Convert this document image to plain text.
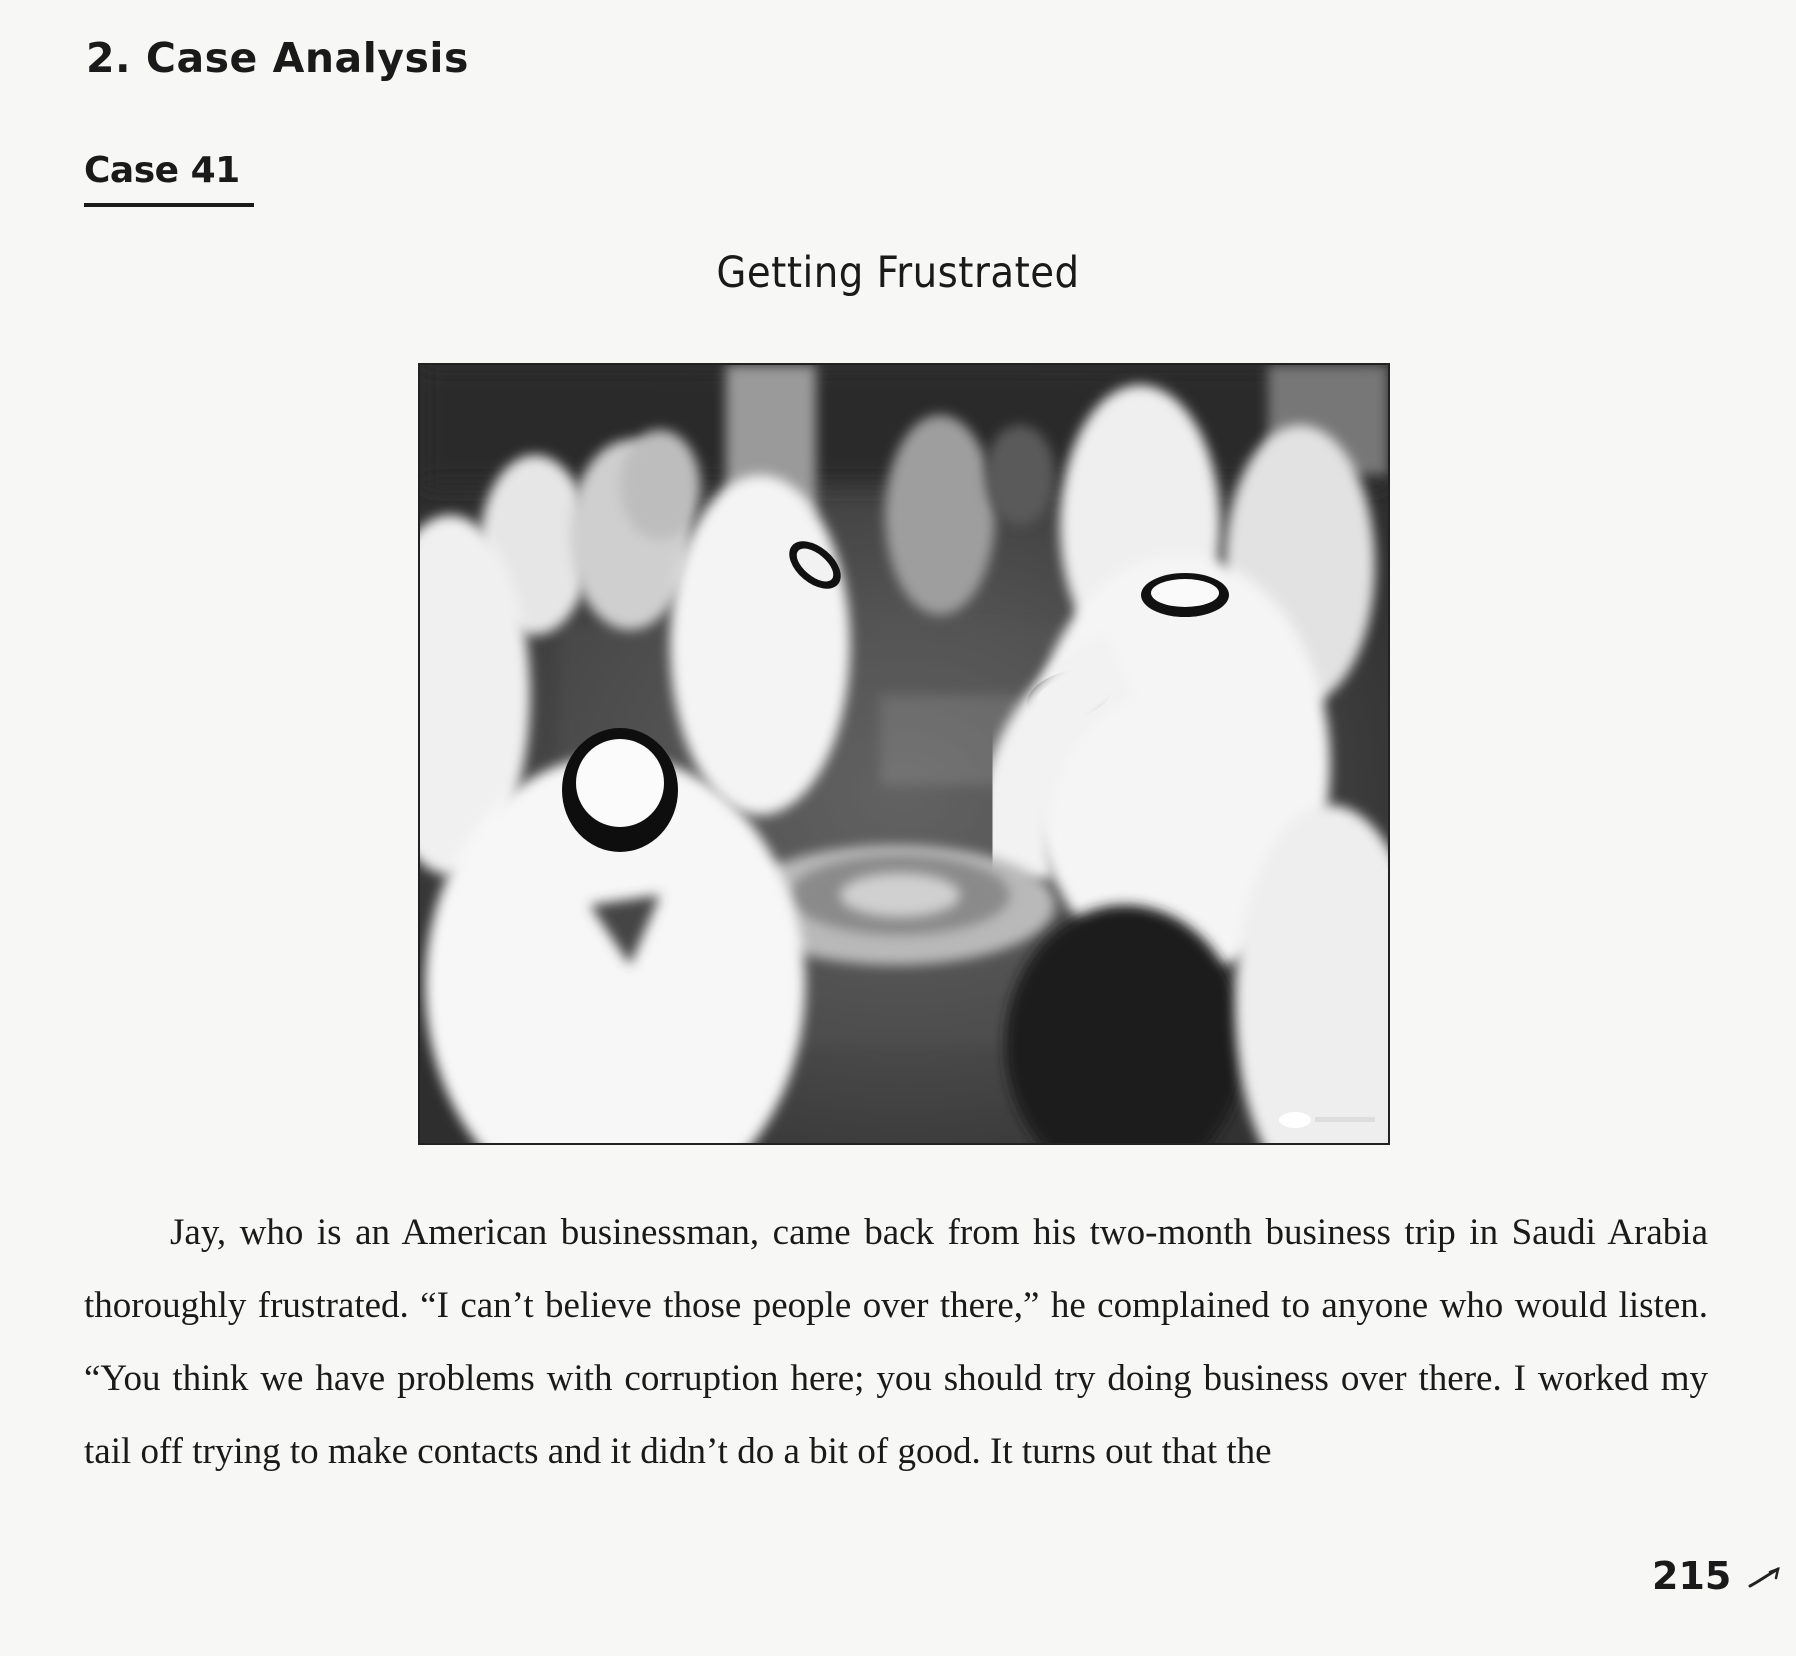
2. Case Analysis
Case 41
Getting Frustrated

Jay, who is an American businessman, came back from his two-month business trip in Saudi Arabia thoroughly frustrated. “I can’t believe those people over there,” he complained to anyone who would listen. “You think we have problems with corruption here; you should try doing business over there. I worked my tail off trying to make contacts and it didn’t do a bit of good. It turns out that the

215
